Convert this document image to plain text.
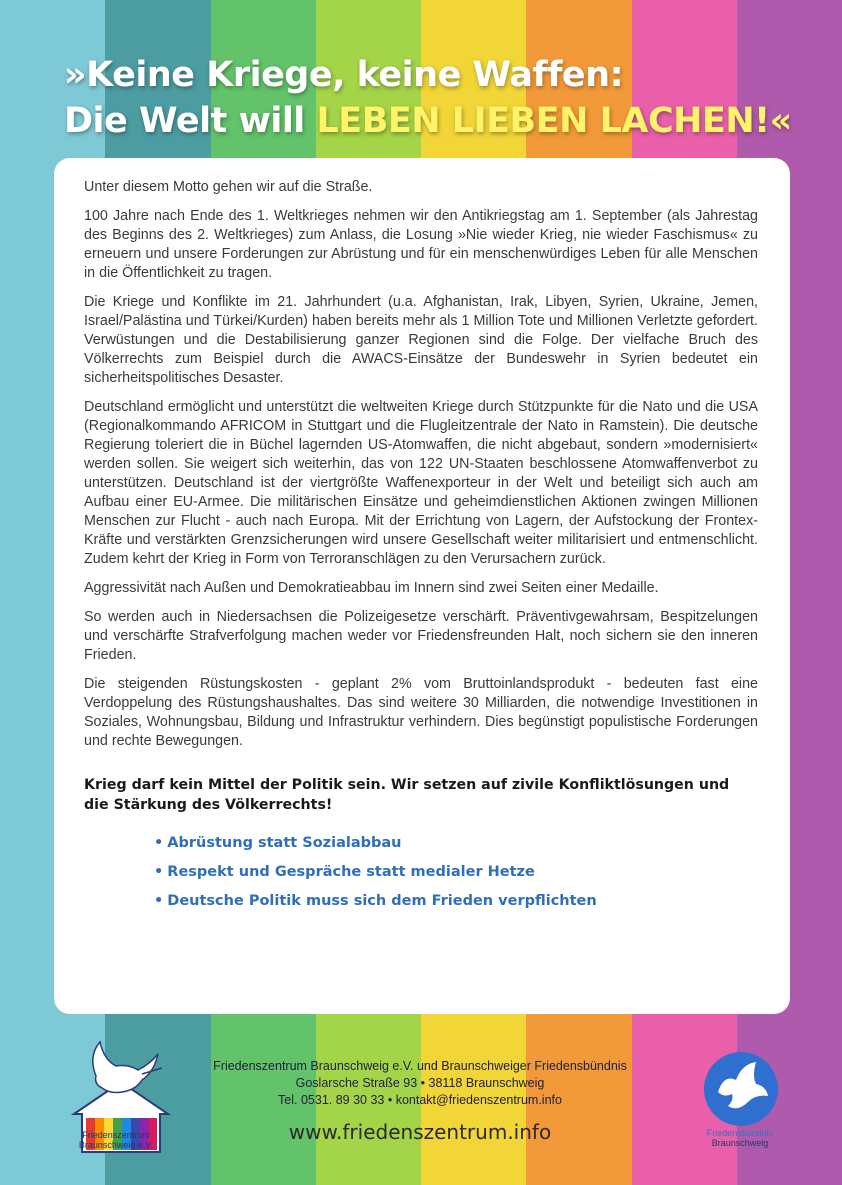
»Keine Kriege, keine Waffen:
Die Welt will LEBEN LIEBEN LACHEN!«

Unter diesem Motto gehen wir auf die Straße.

100 Jahre nach Ende des 1. Weltkrieges nehmen wir den Antikriegstag am 1. September (als Jahrestag des Beginns des 2. Weltkrieges) zum Anlass, die Losung »Nie wieder Krieg, nie wieder Faschismus« zu erneuern und unsere Forderungen zur Abrüstung und für ein menschenwürdiges Leben für alle Menschen in die Öffentlichkeit zu tragen.

Die Kriege und Konflikte im 21. Jahrhundert (u.a. Afghanistan, Irak, Libyen, Syrien, Ukraine, Jemen, Israel/Palästina und Türkei/Kurden) haben bereits mehr als 1 Million Tote und Millionen Verletzte gefordert. Verwüstungen und die Destabilisierung ganzer Regionen sind die Folge. Der vielfache Bruch des Völkerrechts zum Beispiel durch die AWACS-Einsätze der Bundeswehr in Syrien bedeutet ein sicherheitspolitisches Desaster.

Deutschland ermöglicht und unterstützt die weltweiten Kriege durch Stützpunkte für die Nato und die USA (Regionalkommando AFRICOM in Stuttgart und die Flugleitzentrale der Nato in Ramstein). Die deutsche Regierung toleriert die in Büchel lagernden US-Atomwaffen, die nicht abgebaut, sondern »modernisiert« werden sollen. Sie weigert sich weiterhin, das von 122 UN-Staaten beschlossene Atomwaffenverbot zu unterstützen. Deutschland ist der viertgrößte Waffenexporteur in der Welt und beteiligt sich auch am Aufbau einer EU-Armee. Die militärischen Einsätze und geheimdienstlichen Aktionen zwingen Millionen Menschen zur Flucht - auch nach Europa. Mit der Errichtung von Lagern, der Aufstockung der Frontex-Kräfte und verstärkten Grenzsicherungen wird unsere Gesellschaft weiter militarisiert und entmenschlicht. Zudem kehrt der Krieg in Form von Terroranschlägen zu den Verursachern zurück.

Aggressivität nach Außen und Demokratieabbau im Innern sind zwei Seiten einer Medaille.

So werden auch in Niedersachsen die Polizeigesetze verschärft. Präventivgewahrsam, Bespitzelungen und verschärfte Strafverfolgung machen weder vor Friedensfreunden Halt, noch sichern sie den inneren Frieden.

Die steigenden Rüstungskosten - geplant 2% vom Bruttoinlandsprodukt - bedeuten fast eine Verdoppelung des Rüstungshaushaltes. Das sind weitere 30 Milliarden, die notwendige Investitionen in Soziales, Wohnungsbau, Bildung und Infrastruktur verhindern. Dies begünstigt populistische Forderungen und rechte Bewegungen.

Krieg darf kein Mittel der Politik sein. Wir setzen auf zivile Konfliktlösungen und die Stärkung des Völkerrechts!

• Abrüstung statt Sozialabbau
• Respekt und Gespräche statt medialer Hetze
• Deutsche Politik muss sich dem Frieden verpflichten
Friedenszentrum
Braunschweig e.V.
Friedenszentrum Braunschweig e.V. und Braunschweiger Friedensbündnis
Goslarsche Straße 93 • 38118 Braunschweig
Tel. 0531. 89 30 33 • kontakt@friedenszentrum.info
www.friedenszentrum.info	Friedensbündnis
Braunschweig
